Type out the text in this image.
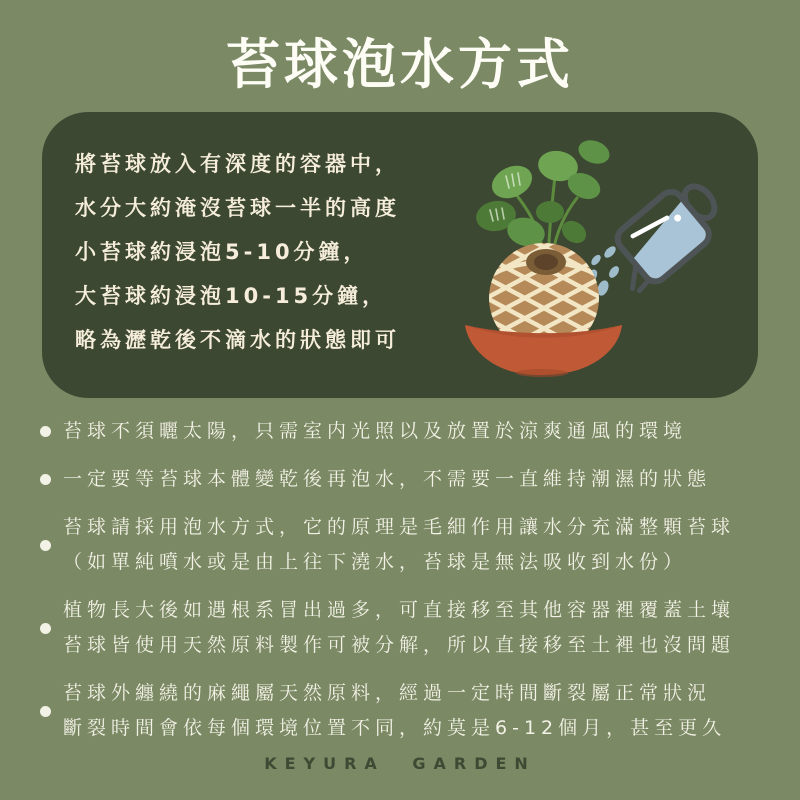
苔球泡水方式
將苔球放入有深度的容器中，
水分大約淹沒苔球一半的高度
小苔球約浸泡5-10分鐘，
大苔球約浸泡10-15分鐘，
略為瀝乾後不滴水的狀態即可
苔球不須曬太陽，只需室内光照以及放置於涼爽通風的環境
一定要等苔球本體變乾後再泡水，不需要一直維持潮濕的狀態
苔球請採用泡水方式，它的原理是毛細作用讓水分充滿整顆苔球
（如單純噴水或是由上往下澆水，苔球是無法吸收到水份）
植物長大後如遇根系冒出過多，可直接移至其他容器裡覆蓋土壤
苔球皆使用天然原料製作可被分解，所以直接移至土裡也沒問題
苔球外纏繞的麻繩屬天然原料，經過一定時間斷裂屬正常狀況
斷裂時間會依每個環境位置不同，約莫是6-12個月，甚至更久
KEYURA GARDEN
